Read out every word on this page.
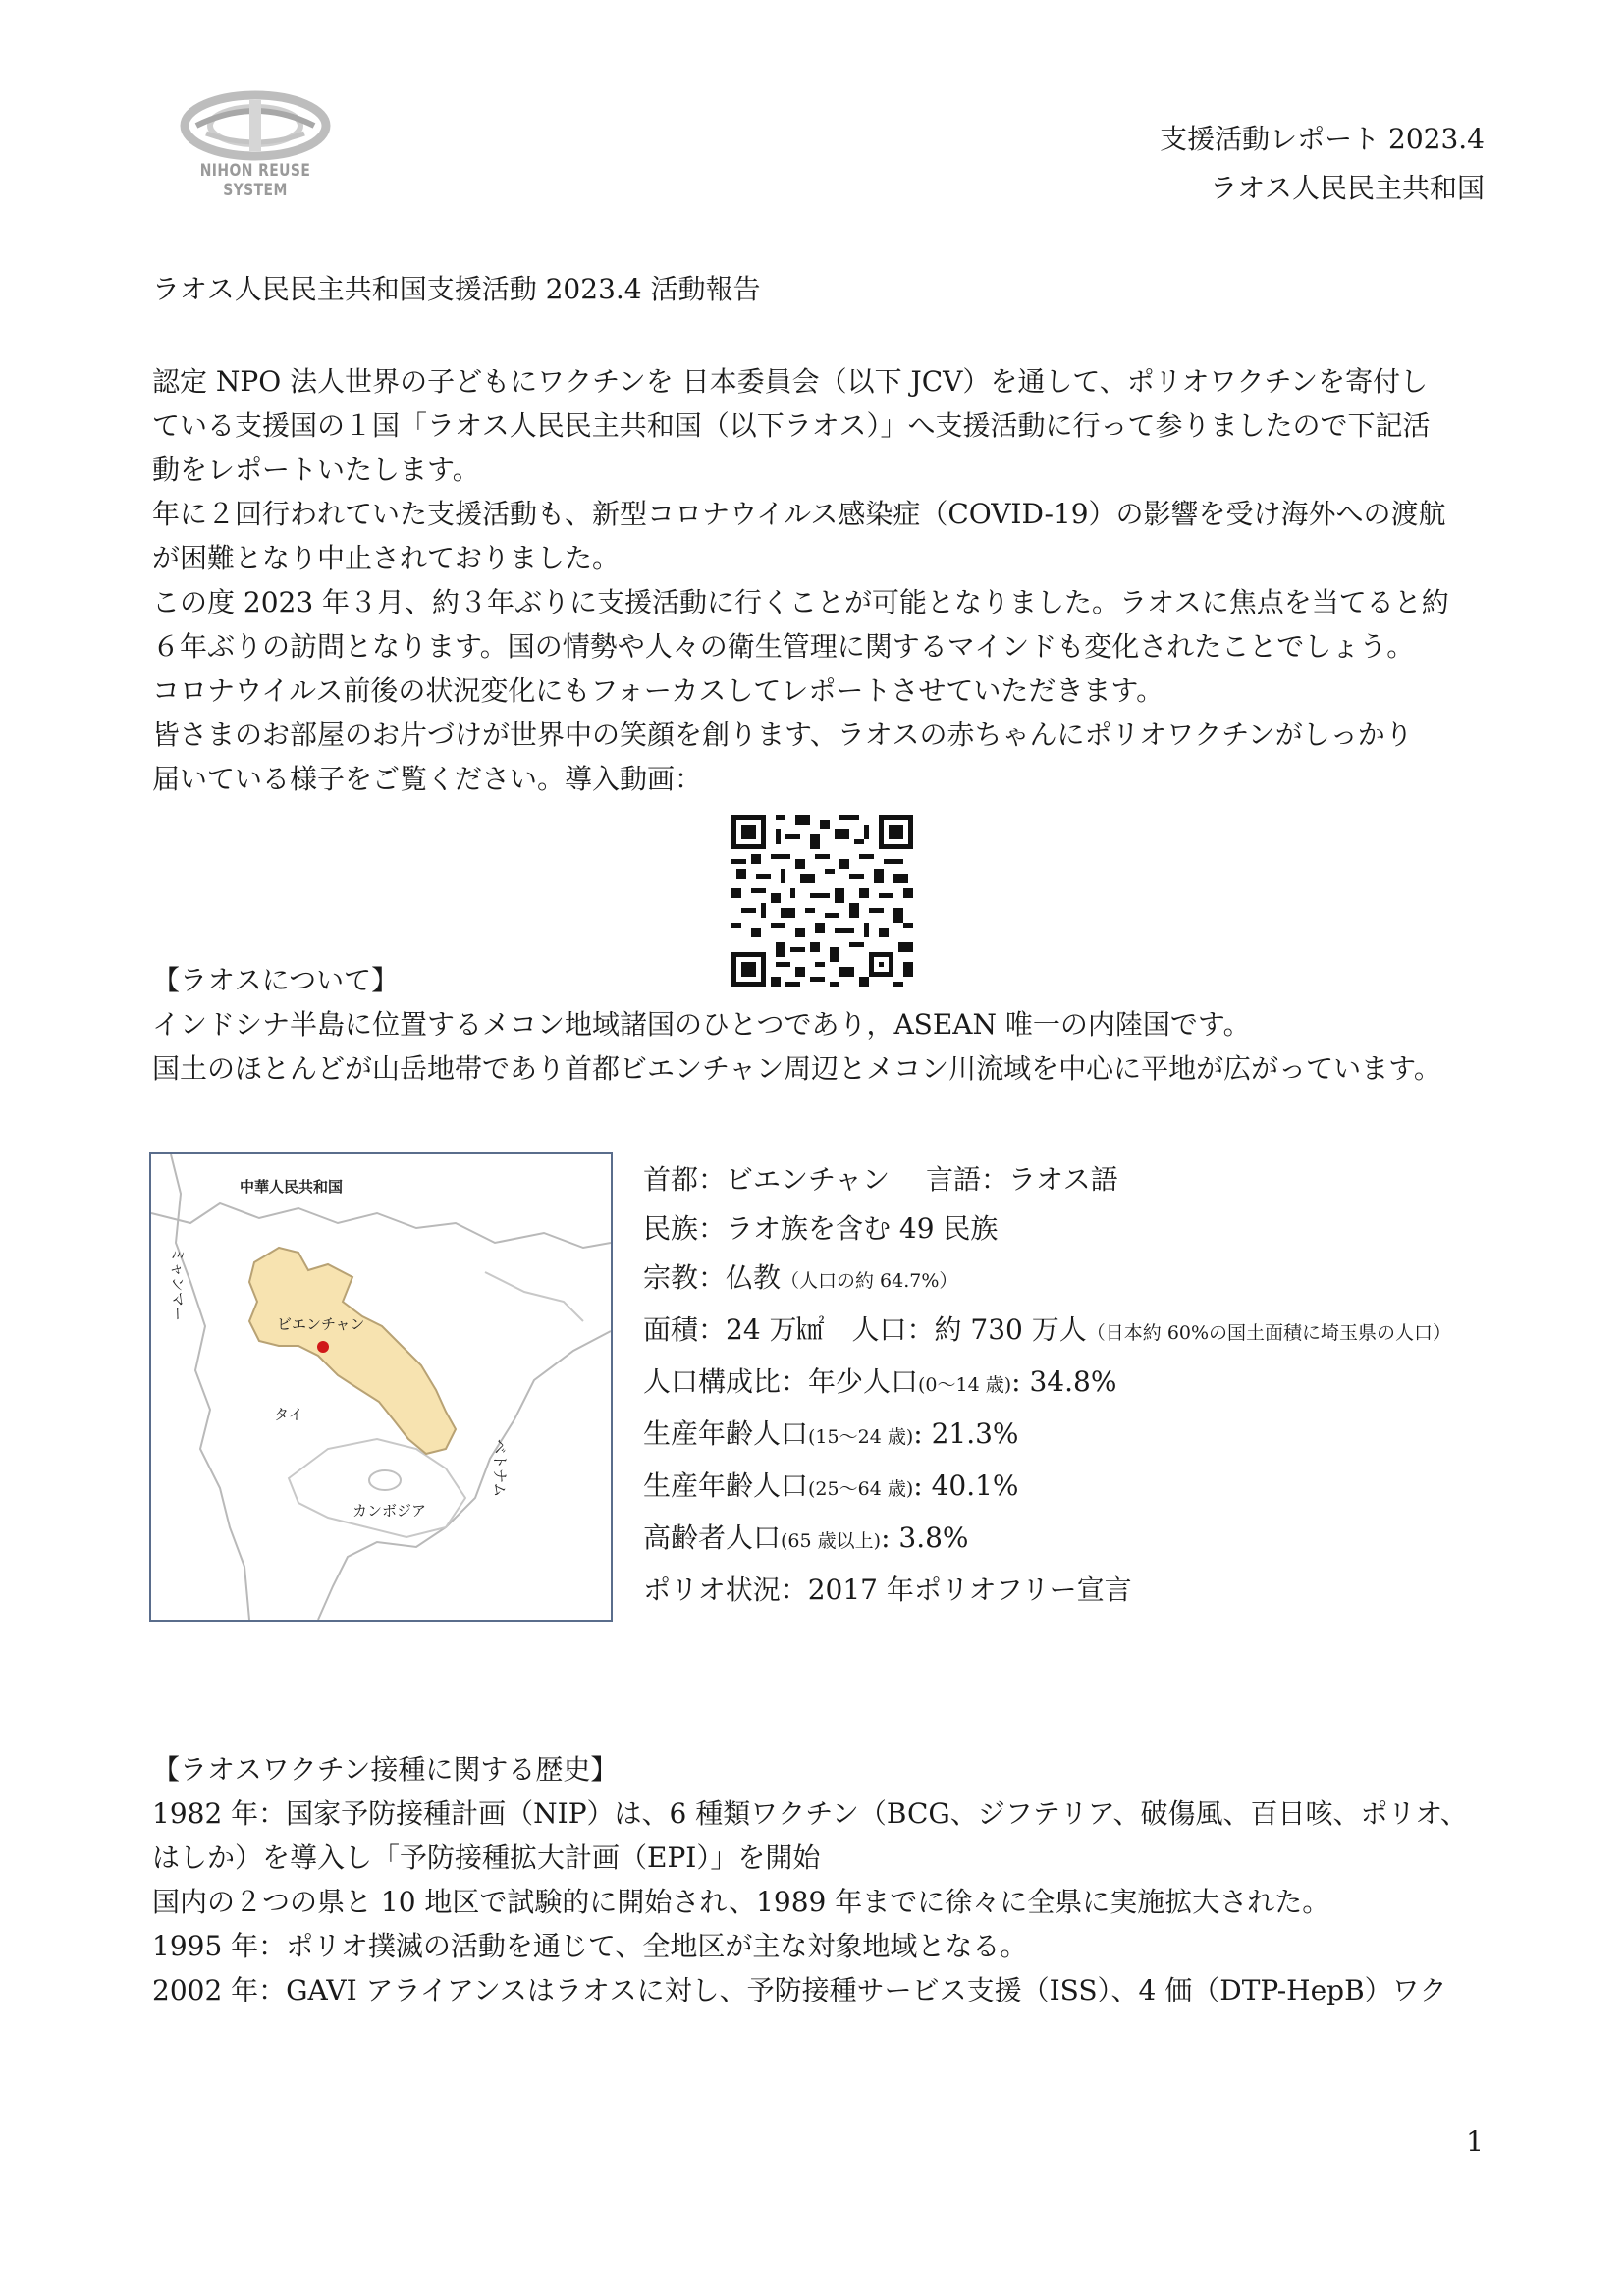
NIHON REUSE SYSTEM
支援活動レポート 2023.4
ラオス人民民主共和国

ラオス人民民主共和国支援活動 2023.4 活動報告

認定 NPO 法人世界の子どもにワクチンを 日本委員会（以下 JCV）を通して、ポリオワクチンを寄付し

ている支援国の１国「ラオス人民民主共和国（以下ラオス）」へ支援活動に行って参りましたので下記活

動をレポートいたします。

年に２回行われていた支援活動も、新型コロナウイルス感染症（COVID-19）の影響を受け海外への渡航

が困難となり中止されておりました。

この度 2023 年３月、約３年ぶりに支援活動に行くことが可能となりました。ラオスに焦点を当てると約

６年ぶりの訪問となります。国の情勢や人々の衛生管理に関するマインドも変化されたことでしょう。

コロナウイルス前後の状況変化にもフォーカスしてレポートさせていただきます。

皆さまのお部屋のお片づけが世界中の笑顔を創ります、ラオスの赤ちゃんにポリオワクチンがしっかり

届いている様子をご覧ください。導入動画：

【ラオスについて】

インドシナ半島に位置するメコン地域諸国のひとつであり，ASEAN 唯一の内陸国です。

国土のほとんどが山岳地帯であり首都ビエンチャン周辺とメコン川流域を中心に平地が広がっています。

中華人民共和国
ミャンマー
ビエンチャン
タイ
ベトナム
カンボジア

首都：ビエンチャン　 言語：ラオス語

民族：ラオ族を含む 49 民族

宗教：仏教（人口の約 64.7%）

面積：24 万㎢　人口：約 730 万人（日本約 60%の国土面積に埼玉県の人口）

人口構成比：年少人口(0～14 歳): 34.8%

生産年齢人口(15～24 歳): 21.3%

生産年齢人口(25～64 歳): 40.1%

高齢者人口(65 歳以上): 3.8%

ポリオ状況：2017 年ポリオフリー宣言

【ラオスワクチン接種に関する歴史】

1982 年：国家予防接種計画（NIP）は、6 種類ワクチン（BCG、ジフテリア、破傷風、百日咳、ポリオ、

はしか）を導入し「予防接種拡大計画（EPI）」を開始

国内の２つの県と 10 地区で試験的に開始され、1989 年までに徐々に全県に実施拡大された。

1995 年：ポリオ撲滅の活動を通じて、全地区が主な対象地域となる。

2002 年：GAVI アライアンスはラオスに対し、予防接種サービス支援（ISS）、4 価（DTP-HepB）ワク

1
